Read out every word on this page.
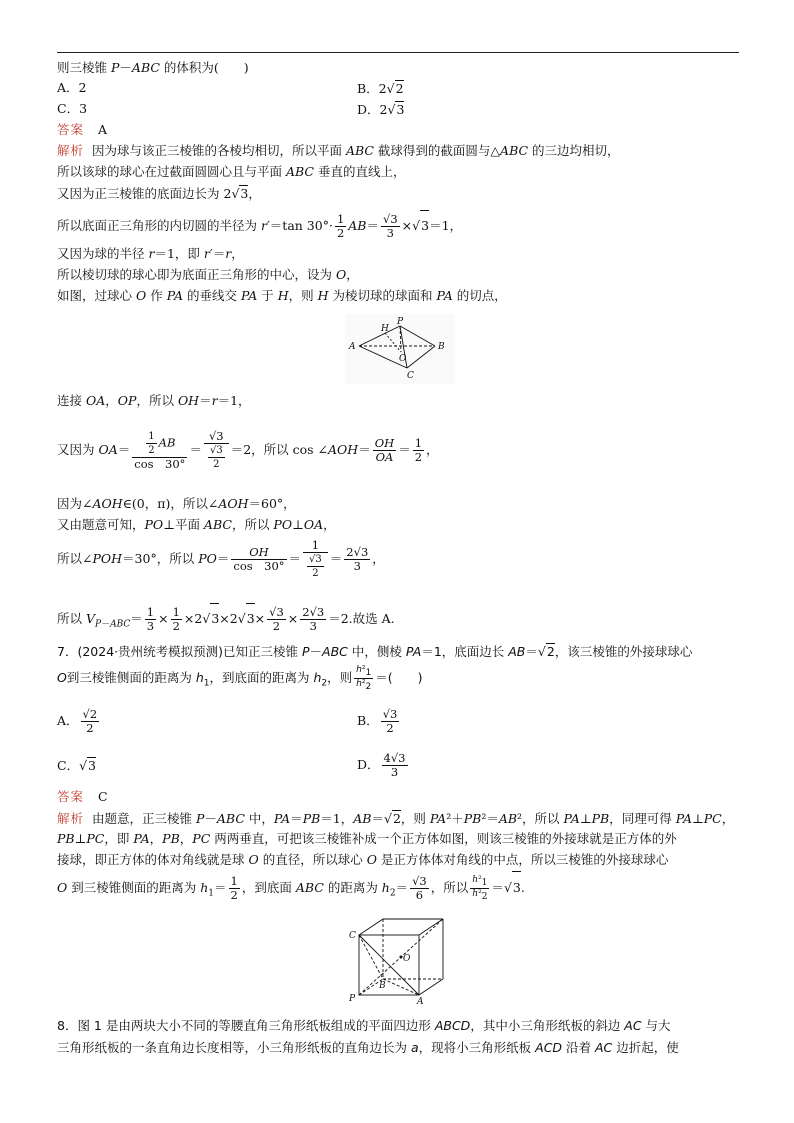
则三棱锥 P－ABC 的体积为(　　)
A．2	B．2√ 2
C．3	D．2√ 3
答案 A
解析  因为球与该正三棱锥的各棱均相切，所以平面 ABC 截球得到的截面圆与△ABC 的三边均相切，
所以该球的球心在过截面圆圆心且与平面 ABC 垂直的直线上，
又因为正三棱锥的底面边长为 2√ 3，
所以底面正三角形的内切圆的半径为 r′＝tan $30^\circ\cdot \frac{1}{2} AB= \frac{√3}{3}$ ×√ 3＝1，
又因为球的半径 r＝1，即 r′＝r，
所以棱切球的球心即为底面正三角形的中心，设为 O，
如图，过球心 O 作 PA 的垂线交 PA 于 H，则 H 为棱切球的球面和 PA 的切点，
H
P
A
O
B
C
连接 OA，OP，所以 OH＝r＝1，
又因为 $OA= \frac{\frac{1}{2} AB}{\cos 30^\circ} = \frac{√3}{\frac{√3}{2}} =2$，所以 cos ∠AOH＝ $\frac{OH}{OA} = \frac{1}{2}$ ，
因为∠AOH∈(0，π)，所以∠AOH＝60°，
又由题意可知，PO⊥平面 ABC，所以 PO⊥OA，
所以∠POH＝30°，所以 $PO= \frac{OH}{\cos 30^\circ} = \frac{1}{\frac{√3}{2}} = \frac{2√3}{3}$ ，
所以 $V_{P-ABC}= \frac{1}{3} \times \frac{1}{2} \times 2√$ 3×2√ $3\times \frac{√3}{2} \times \frac{2√3}{3} =2$.故选 A.
7．(2024·贵州统考模拟预测)已知正三棱锥 P－ABC 中，侧棱 PA＝1，底面边长 AB＝√ 2，该三棱锥的外接球球心
O到三棱锥侧面的距离为 $h_1$，到底面的距离为 $h_2$，则 $\frac{h^2_1}{h^2_2}$ ＝(　　)
A． $\frac{√2}{2}$	B． $\frac{√3}{2}$
C．√ 3	D． $\frac{4√3}{3}$
答案 C
解析  由题意，正三棱锥 P－ABC 中，PA＝PB＝1，AB＝√ 2，则 PA²＋PB²＝AB²，所以 PA⊥PB，同理可得 PA⊥PC，
PB⊥PC，即 PA，PB，PC 两两垂直，可把该三棱锥补成一个正方体如图，则该三棱锥的外接球就是正方体的外
接球，即正方体的体对角线就是球 O 的直径，所以球心 O 是正方体体对角线的中点，所以三棱锥的外接球球心
O 到三棱锥侧面的距离为 $h_1= \frac{1}{2}$ ，到底面 ABC 的距离为 $h_2= \frac{√3}{6}$ ，所以 $\frac{h^2_1}{h^2_2}$ ＝√ 3.
C
O
B
P	A
8．图 1 是由两块大小不同的等腰直角三角形纸板组成的平面四边形 ABCD，其中小三角形纸板的斜边 AC 与大
三角形纸板的一条直角边长度相等，小三角形纸板的直角边长为 a，现将小三角形纸板 ACD 沿着 AC 边折起，使
